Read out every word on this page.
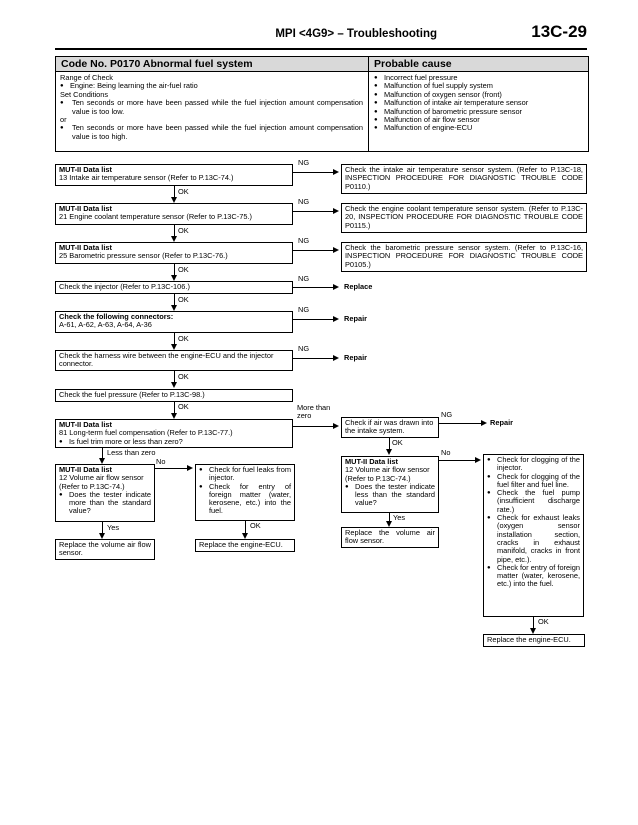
MPI <4G9> – Troubleshooting	13C-29
Code No. P0170 Abnormal fuel system	Probable cause
Range of Check
● Engine: Being learning the air-fuel ratio
Set Conditions
● Ten seconds or more have been passed while the fuel injection amount compensation value is too low.
or
● Ten seconds or more have been passed while the fuel injection amount compensation value is too high.
● Incorrect fuel pressure
● Malfunction of fuel supply system
● Malfunction of oxygen sensor (front)
● Malfunction of intake air temperature sensor
● Malfunction of barometric pressure sensor
● Malfunction of air flow sensor
● Malfunction of engine-ECU
MUT-II Data list
13 Intake air temperature sensor (Refer to P.13C-74.)
NG
Check the intake air temperature sensor system. (Refer to P.13C-18, INSPECTION PROCEDURE FOR DIAGNOSTIC TROUBLE CODE P0110.)
OK
MUT-II Data list
21 Engine coolant temperature sensor (Refer to P.13C-75.)
NG
Check the engine coolant temperature sensor system. (Refer to P.13C-20, INSPECTION PROCEDURE FOR DIAGNOSTIC TROUBLE CODE P0115.)
OK
MUT-II Data list
25 Barometric pressure sensor (Refer to P.13C-76.)
NG
Check the barometric pressure sensor system. (Refer to P.13C-16, INSPECTION PROCEDURE FOR DIAGNOSTIC TROUBLE CODE P0105.)
OK
Check the injector (Refer to P.13C-106.)
NG
Replace
OK
Check the following connectors:
A-61, A-62, A-63, A-64, A-36
NG
Repair
OK
Check the harness wire between the engine-ECU and the injector connector.
NG
Repair
OK
Check the fuel pressure (Refer to P.13C-98.)
OK
MUT-II Data list
81 Long-term fuel compensation (Refer to P.13C-77.)
● Is fuel trim more or less than zero?
More than zero
Check if air was drawn into the intake system.
NG
Repair
OK
Less than zero
MUT-II Data list
12 Volume air flow sensor (Refer to P.13C-74.)
● Does the tester indicate more than the standard value?
No
● Check for fuel leaks from injector.
● Check for entry of foreign matter (water, kerosene, etc.) into the fuel.
Yes
Replace the volume air flow sensor.
OK
Replace the engine-ECU.
MUT-II Data list
12 Volume air flow sensor (Refer to P.13C-74.)
● Does the tester indicate less than the standard value?
No
● Check for clogging of the injector.
● Check for clogging of the fuel filter and fuel line.
● Check the fuel pump (insufficient discharge rate.)
● Check for exhaust leaks (oxygen sensor installation section, cracks in exhaust manifold, cracks in front pipe, etc.).
● Check for entry of foreign matter (water, kerosene, etc.) into the fuel.
Yes
Replace the volume air flow sensor.
OK
Replace the engine-ECU.
